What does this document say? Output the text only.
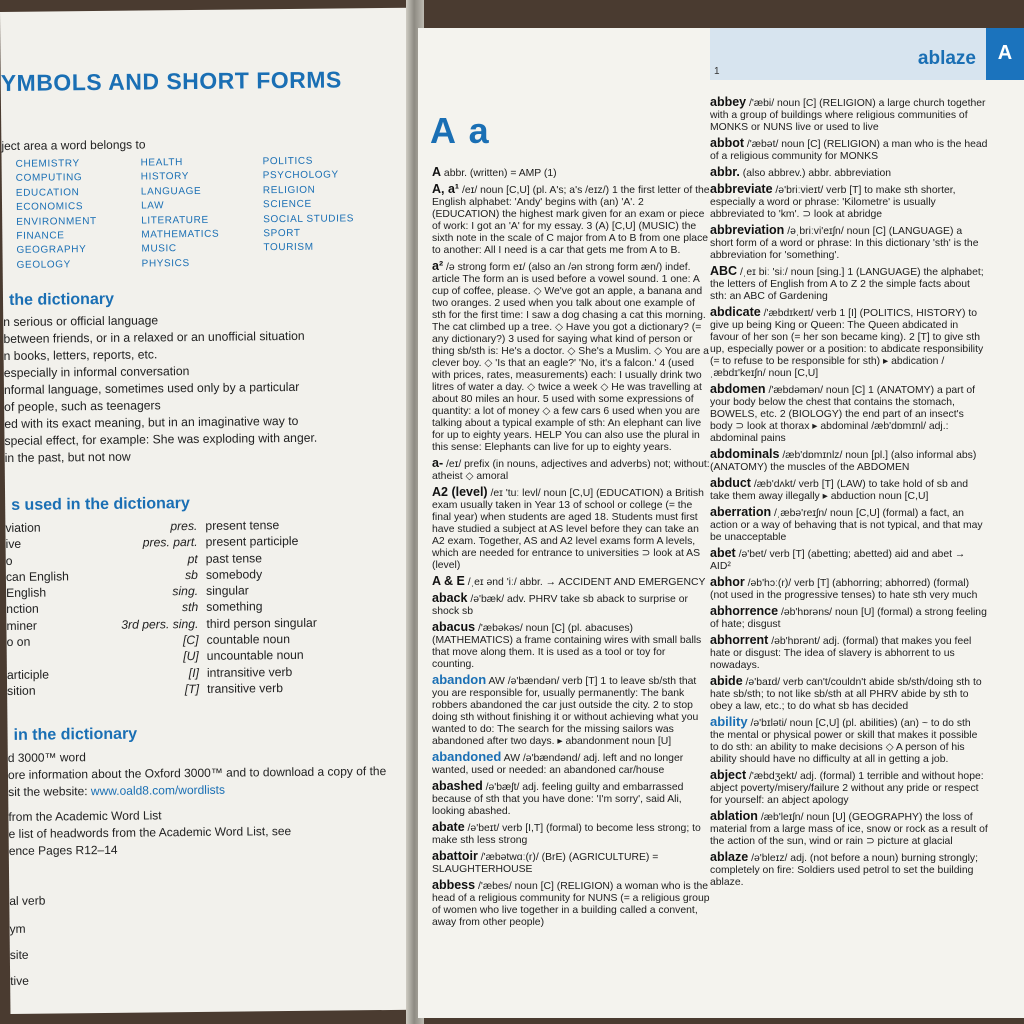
YMBOLS AND SHORT FORMS
ject area a word belongs to
CHEMISTRY	HEALTH	POLITICS
COMPUTING	HISTORY	PSYCHOLOGY
EDUCATION	LANGUAGE	RELIGION
ECONOMICS	LAW	SCIENCE
ENVIRONMENT	LITERATURE	SOCIAL STUDIES
FINANCE	MATHEMATICS	SPORT
GEOGRAPHY	MUSIC	TOURISM
GEOLOGY	PHYSICS
the dictionary
n serious or official language
between friends, or in a relaxed or an unofficial situation
n books, letters, reports, etc.
especially in informal conversation
nformal language, sometimes used only by a particular
of people, such as teenagers
ed with its exact meaning, but in an imaginative way to
special effect, for example: She was exploding with anger.
in the past, but not now
s used in the dictionary
viation	pres. present tense
ive	pres. part. present participle
o	pt past tense
can English	sb somebody
English	sing. singular
nction	sth something
miner	3rd pers. sing. third person singular
o on	[C] countable noun
[U] uncountable noun
articiple	[I] intransitive verb
sition	[T] transitive verb
in the dictionary
d 3000™ word
ore information about the Oxford 3000™ and to download a copy of the
sit the website: www.oald8.com/wordlists
from the Academic Word List
e list of headwords from the Academic Word List, see
ence Pages R12–14
al verb
ym
site
tive
1
ablaze	A
A a
A abbr. (written) = AMP (1)
A, a¹ /eɪ/ noun [C,U] (pl. A's; a's /eɪz/) 1 the first letter of the English alphabet: 'Andy' begins with (an) 'A'. 2 (EDUCATION) the highest mark given for an exam or piece of work: I got an 'A' for my essay. 3 (A) [C,U] (MUSIC) the sixth note in the scale of C major from A to B from one place to another: All I need is a car that gets me from A to B.
a² /ə strong form eɪ/ (also an /ən strong form æn/) indef. article The form an is used before a vowel sound. 1 one: A cup of coffee, please. ◇ We've got an apple, a banana and two oranges. 2 used when you talk about one example of sth for the first time: I saw a dog chasing a cat this morning. The cat climbed up a tree. ◇ Have you got a dictionary? (= any dictionary?) 3 used for saying what kind of person or thing sb/sth is: He's a doctor. ◇ She's a Muslim. ◇ You are a clever boy. ◇ 'Is that an eagle?' 'No, it's a falcon.' 4 (used with prices, rates, measurements) each: I usually drink two litres of water a day. ◇ twice a week ◇ He was travelling at about 80 miles an hour. 5 used with some expressions of quantity: a lot of money ◇ a few cars 6 used when you are talking about a typical example of sth: An elephant can live for up to eighty years. HELP You can also use the plural in this sense: Elephants can live for up to eighty years.
a- /eɪ/ prefix (in nouns, adjectives and adverbs) not; without: atheist ◇ amoral
A2 (level) /eɪ 'tuː levl/ noun [C,U] (EDUCATION) a British exam usually taken in Year 13 of school or college (= the final year) when students are aged 18. Students must first have studied a subject at AS level before they can take an A2 exam. Together, AS and A2 level exams form A levels, which are needed for entrance to universities ⊃ look at AS (level)
A & E /ˌeɪ ənd 'iː/ abbr. → ACCIDENT AND EMERGENCY
aback /ə'bæk/ adv. PHRV take sb aback to surprise or shock sb
abacus /'æbəkəs/ noun [C] (pl. abacuses) (MATHEMATICS) a frame containing wires with small balls that move along them. It is used as a tool or toy for counting.
abandon AW /ə'bændən/ verb [T] 1 to leave sb/sth that you are responsible for, usually permanently: The bank robbers abandoned the car just outside the city. 2 to stop doing sth without finishing it or without achieving what you wanted to do: The search for the missing sailors was abandoned after two days. ▸ abandonment noun [U]
abandoned AW /ə'bændənd/ adj. left and no longer wanted, used or needed: an abandoned car/house
abashed /ə'bæʃt/ adj. feeling guilty and embarrassed because of sth that you have done: 'I'm sorry', said Ali, looking abashed.
abate /ə'beɪt/ verb [I,T] (formal) to become less strong; to make sth less strong
abattoir /'æbətwɑː(r)/ (BrE) (AGRICULTURE) = SLAUGHTERHOUSE
abbess /'æbes/ noun [C] (RELIGION) a woman who is the head of a religious community for NUNS (= a religious group of women who live together in a building called a convent, away from other people)
abbey /'æbi/ noun [C] (RELIGION) a large church together with a group of buildings where religious communities of MONKS or NUNS live or used to live
abbot /'æbət/ noun [C] (RELIGION) a man who is the head of a religious community for MONKS
abbr. (also abbrev.) abbr. abbreviation
abbreviate /ə'briːvieɪt/ verb [T] to make sth shorter, especially a word or phrase: 'Kilometre' is usually abbreviated to 'km'. ⊃ look at abridge
abbreviation /əˌbriːvi'eɪʃn/ noun [C] (LANGUAGE) a short form of a word or phrase: In this dictionary 'sth' is the abbreviation for 'something'.
ABC /ˌeɪ biː 'siː/ noun [sing.] 1 (LANGUAGE) the alphabet; the letters of English from A to Z 2 the simple facts about sth: an ABC of Gardening
abdicate /'æbdɪkeɪt/ verb 1 [I] (POLITICS, HISTORY) to give up being King or Queen: The Queen abdicated in favour of her son (= her son became king). 2 [T] to give sth up, especially power or a position: to abdicate responsibility (= to refuse to be responsible for sth) ▸ abdication /ˌæbdɪ'keɪʃn/ noun [C,U]
abdomen /'æbdəmən/ noun [C] 1 (ANATOMY) a part of your body below the chest that contains the stomach, BOWELS, etc. 2 (BIOLOGY) the end part of an insect's body ⊃ look at thorax ▸ abdominal /æb'dɒmɪnl/ adj.: abdominal pains
abdominals /æb'dɒmɪnlz/ noun [pl.] (also informal abs) (ANATOMY) the muscles of the ABDOMEN
abduct /æb'dʌkt/ verb [T] (LAW) to take hold of sb and take them away illegally ▸ abduction noun [C,U]
aberration /ˌæbə'reɪʃn/ noun [C,U] (formal) a fact, an action or a way of behaving that is not typical, and that may be unacceptable
abet /ə'bet/ verb [T] (abetting; abetted) aid and abet → AID²
abhor /əb'hɔː(r)/ verb [T] (abhorring; abhorred) (formal) (not used in the progressive tenses) to hate sth very much
abhorrence /əb'hɒrəns/ noun [U] (formal) a strong feeling of hate; disgust
abhorrent /əb'hɒrənt/ adj. (formal) that makes you feel hate or disgust: The idea of slavery is abhorrent to us nowadays.
abide /ə'baɪd/ verb can't/couldn't abide sb/sth/doing sth to hate sb/sth; to not like sb/sth at all PHRV abide by sth to obey a law, etc.; to do what sb has decided
ability /ə'bɪləti/ noun [C,U] (pl. abilities) (an) ~ to do sth the mental or physical power or skill that makes it possible to do sth: an ability to make decisions ◇ A person of his ability should have no difficulty at all in getting a job.
abject /'æbdʒekt/ adj. (formal) 1 terrible and without hope: abject poverty/misery/failure 2 without any pride or respect for yourself: an abject apology
ablation /æb'leɪʃn/ noun [U] (GEOGRAPHY) the loss of material from a large mass of ice, snow or rock as a result of the action of the sun, wind or rain ⊃ picture at glacial
ablaze /ə'bleɪz/ adj. (not before a noun) burning strongly; completely on fire: Soldiers used petrol to set the building ablaze.
